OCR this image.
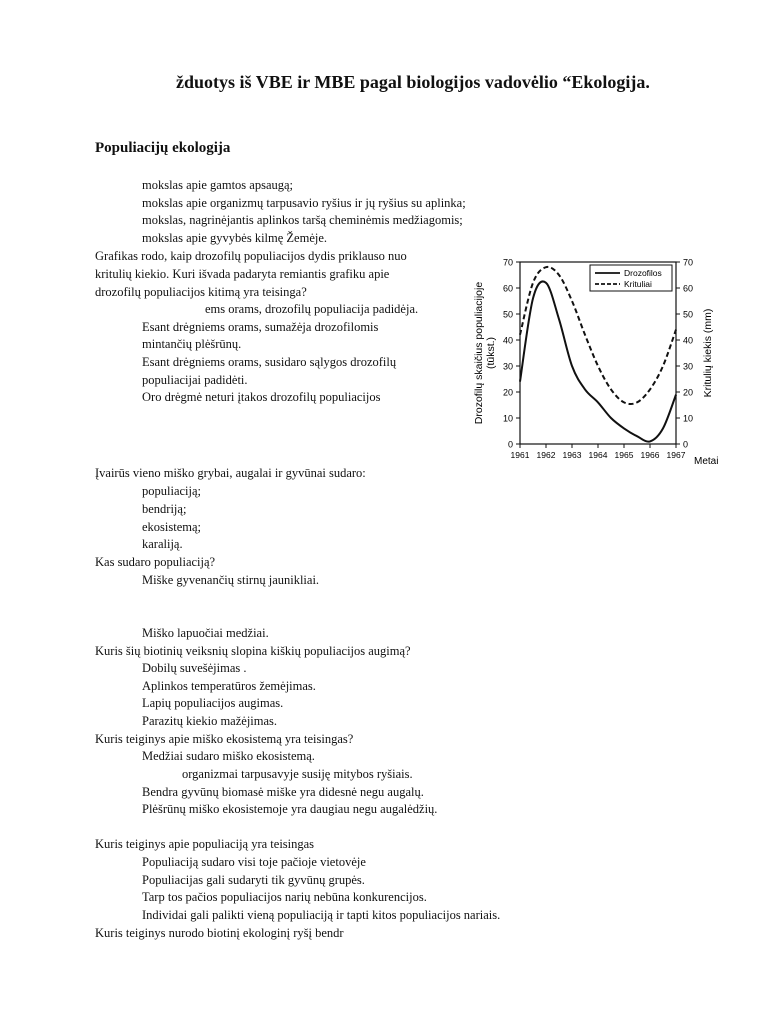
žduotys iš VBE ir MBE pagal biologijos vadovėlio “Ekologija.
Populiacijų ekologija
mokslas apie gamtos apsaugą;
mokslas apie organizmų tarpusavio ryšius ir jų ryšius su aplinka;
mokslas, nagrinėjantis aplinkos taršą cheminėmis medžiagomis;
mokslas apie gyvybės kilmę Žemėje.
Grafikas rodo, kaip drozofilų populiacijos dydis priklauso nuo
kritulių kiekio. Kuri išvada padaryta remiantis grafiku apie
drozofilų populiacijos kitimą yra teisinga?
ems orams, drozofilų populiacija padidėja.
Esant drėgniems orams, sumažėja drozofilomis
mintančių plėšrūnų.
Esant drėgniems orams, susidaro sąlygos drozofilų
populiacijai padidėti.
Oro drėgmė neturi įtakos drozofilų populiacijos
0	0
10	10
20	20
30	30
40	40
50	50
60	60
70	70
1961 1962 1963 1964 1965 1966 1967
Drozofilos
Krituliai
Drozofilų skaičius populiacijoje (tūkst.)	Kritulių kiekis (mm)
Metai
Įvairūs vieno miško grybai, augalai ir gyvūnai sudaro:
populiaciją;
bendriją;
ekosistemą;
karaliją.
Kas sudaro populiaciją?
Miške gyvenančių stirnų jaunikliai.
Miško lapuočiai medžiai.
Kuris šių biotinių veiksnių slopina kiškių populiacijos augimą?
Dobilų suvešėjimas .
Aplinkos temperatūros žemėjimas.
Lapių populiacijos augimas.
Parazitų kiekio mažėjimas.
Kuris teiginys apie miško ekosistemą yra teisingas?
Medžiai sudaro miško ekosistemą.
organizmai tarpusavyje susiję mitybos ryšiais.
Bendra gyvūnų biomasė miške yra didesnė negu augalų.
Plėšrūnų miško ekosistemoje yra daugiau negu augalėdžių.
Kuris teiginys apie populiaciją yra teisingas
Populiaciją sudaro visi toje pačioje vietovėje
Populiacijas gali sudaryti tik gyvūnų grupės.
Tarp tos pačios populiacijos narių nebūna konkurencijos.
Individai gali palikti vieną populiaciją ir tapti kitos populiacijos nariais.
Kuris teiginys nurodo biotinį ekologinį ryšį bendr
